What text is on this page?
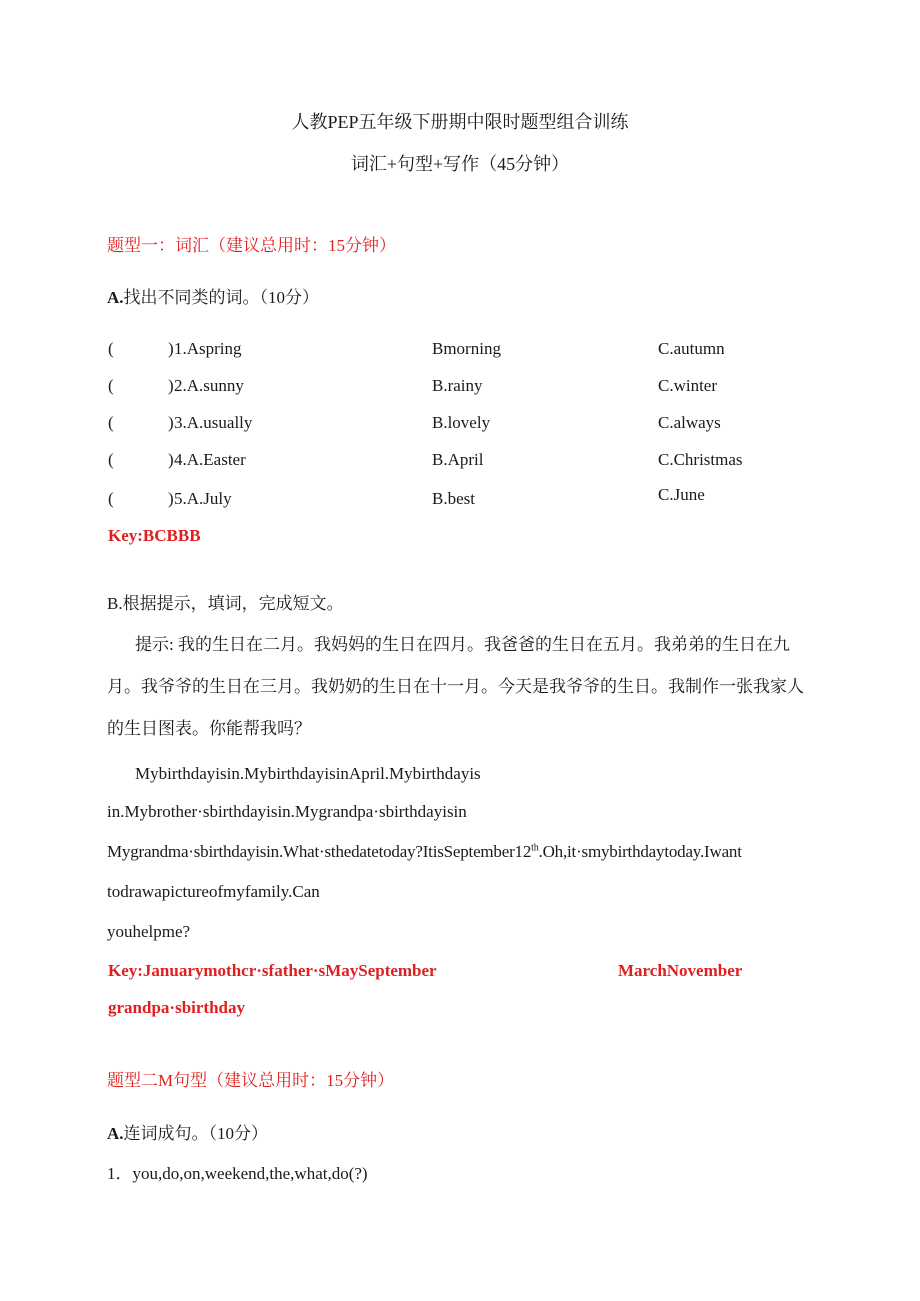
人教PEP五年级下册期中限时题型组合训练
词汇+句型+写作（45分钟）
题型一：词汇（建议总用时：15分钟）
A.找出不同类的词。（10分）
(	) 1.Aspring	Bmorning	C.autumn
(	) 2.A.sunny	B.rainy	C.winter
(	) 3.A.usually	B.lovely	C.always
(	) 4.A.Easter	B.April	C.Christmas
(	) 5.A.July	B.best	C.June
Key:BCBBB
B.根据提示，填词，完成短文。
提示: 我的生日在二月。我妈妈的生日在四月。我爸爸的生日在五月。我弟弟的生日在九月。我爷爷的生日在三月。我奶奶的生日在十一月。今天是我爷爷的生日。我制作一张我家人的生日图表。你能帮我吗？
Mybirthdayisin.MybirthdayisinApril.Mybirthdayis
in.Mybrother·sbirthdayisin.Mygrandpa·sbirthdayisin
Mygrandma·sbirthdayisin.What·sthedatetoday?ItisSeptember12th.Oh,it·smybirthdaytoday.Iwant
todrawapictureofmyfamily.Can
youhelpme?
Key:Januarymothcr·sfather·sMaySeptember	MarchNovember
grandpa·sbirthday
题型二M句型（建议总用时：15分钟）
A.连词成句。（10分）
1．you,do,on,weekend,the,what,do(?)
